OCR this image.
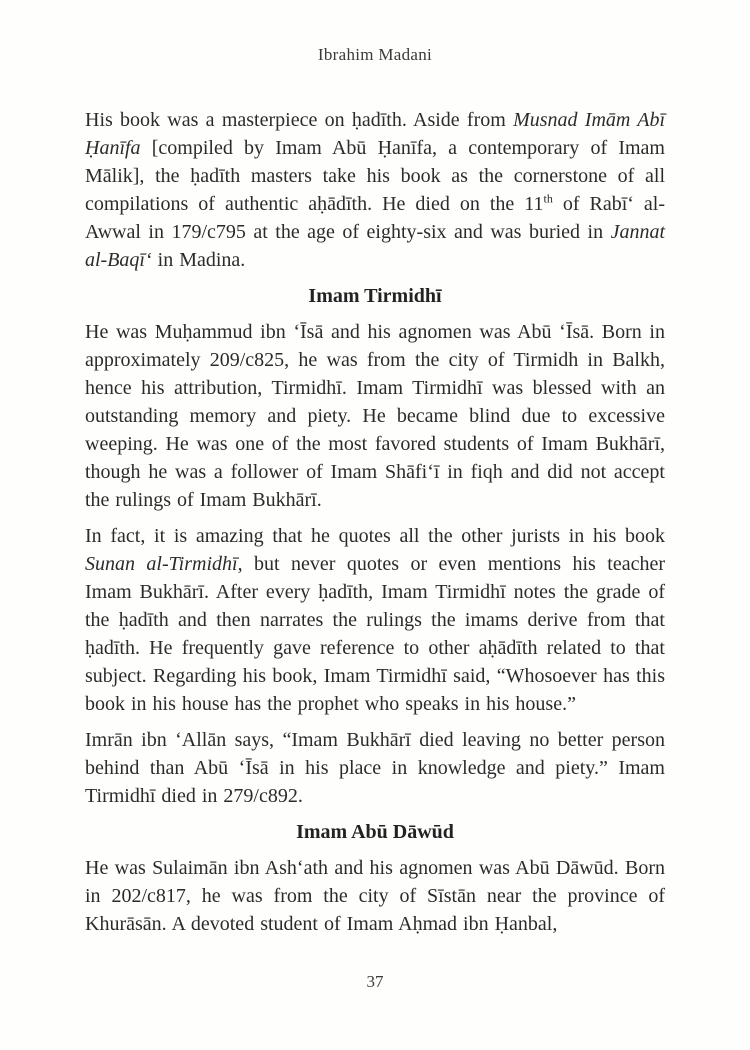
Ibrahim Madani

His book was a masterpiece on ḥadīth. Aside from Musnad Imām Abī Ḥanīfa [compiled by Imam Abū Ḥanīfa, a contemporary of Imam Mālik], the ḥadīth masters take his book as the cornerstone of all compilations of authentic aḥādīth. He died on the 11th of Rabī‘ al-Awwal in 179/c795 at the age of eighty-six and was buried in Jannat al-Baqī‘ in Madina.

Imam Tirmidhī

He was Muḥammud ibn ‘Īsā and his agnomen was Abū ‘Īsā. Born in approximately 209/c825, he was from the city of Tirmidh in Balkh, hence his attribution, Tirmidhī. Imam Tirmidhī was blessed with an outstanding memory and piety. He became blind due to excessive weeping. He was one of the most favored students of Imam Bukhārī, though he was a follower of Imam Shāfi‘ī in fiqh and did not accept the rulings of Imam Bukhārī.

In fact, it is amazing that he quotes all the other jurists in his book Sunan al-Tirmidhī, but never quotes or even mentions his teacher Imam Bukhārī. After every ḥadīth, Imam Tirmidhī notes the grade of the ḥadīth and then narrates the rulings the imams derive from that ḥadīth. He frequently gave reference to other aḥādīth related to that subject. Regarding his book, Imam Tirmidhī said, “Whosoever has this book in his house has the prophet who speaks in his house.”

Imrān ibn ‘Allān says, “Imam Bukhārī died leaving no better person behind than Abū ‘Īsā in his place in knowledge and piety.” Imam Tirmidhī died in 279/c892.

Imam Abū Dāwūd

He was Sulaimān ibn Ash‘ath and his agnomen was Abū Dāwūd. Born in 202/c817, he was from the city of Sīstān near the province of Khurāsān. A devoted student of Imam Aḥmad ibn Ḥanbal,

37
